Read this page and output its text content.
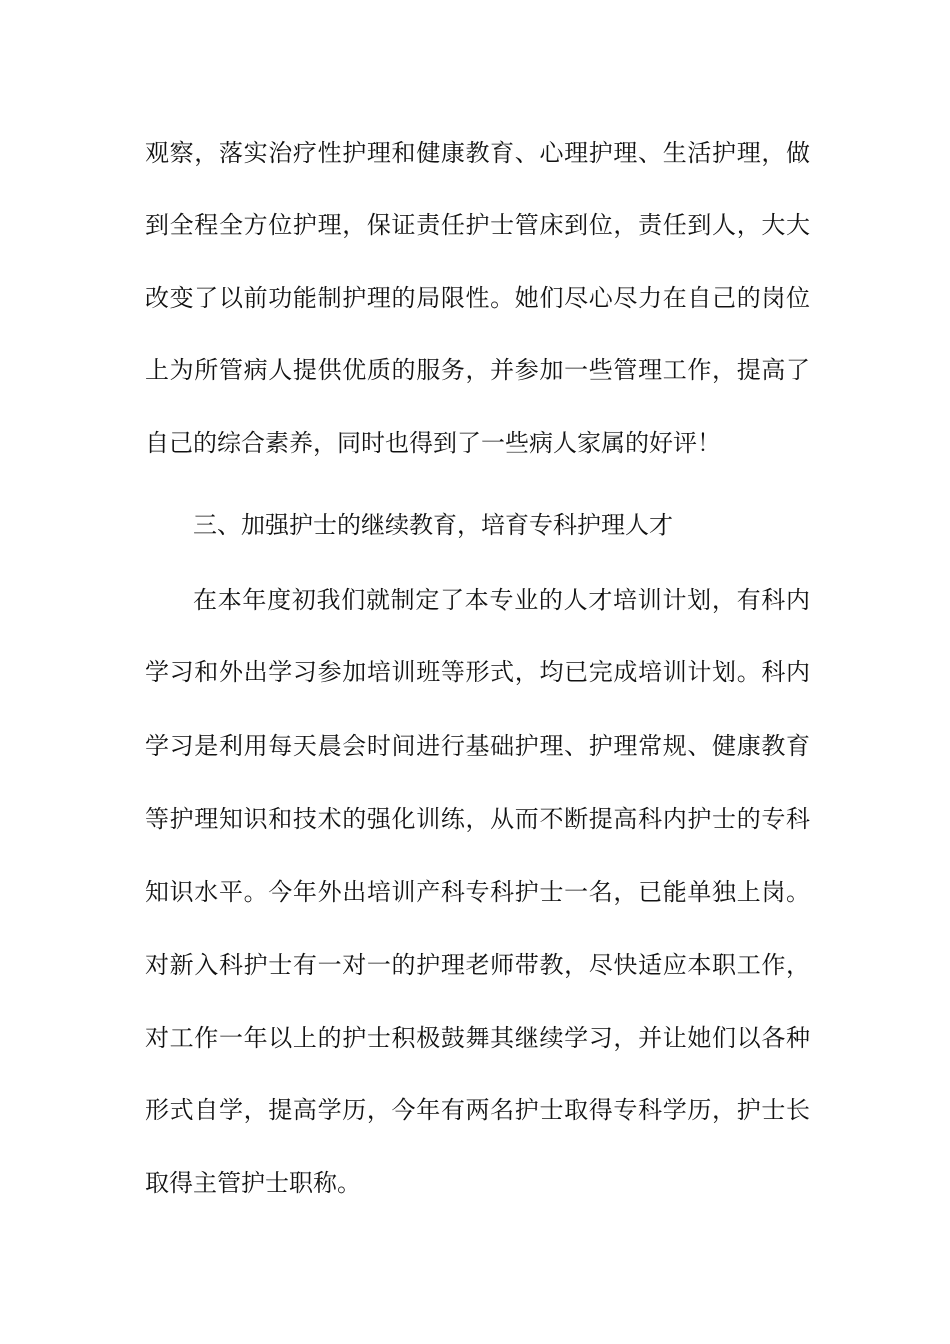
观察，落实治疗性护理和健康教育、心理护理、生活护理，做
到全程全方位护理，保证责任护士管床到位，责任到人，大大
改变了以前功能制护理的局限性。她们尽心尽力在自己的岗位
上为所管病人提供优质的服务，并参加一些管理工作，提高了
自己的综合素养，同时也得到了一些病人家属的好评！
三、加强护士的继续教育，培育专科护理人才
在本年度初我们就制定了本专业的人才培训计划，有科内
学习和外出学习参加培训班等形式，均已完成培训计划。科内
学习是利用每天晨会时间进行基础护理、护理常规、健康教育
等护理知识和技术的强化训练，从而不断提高科内护士的专科
知识水平。今年外出培训产科专科护士一名，已能单独上岗。
对新入科护士有一对一的护理老师带教，尽快适应本职工作，
对工作一年以上的护士积极鼓舞其继续学习，并让她们以各种
形式自学，提高学历，今年有两名护士取得专科学历，护士长
取得主管护士职称。
